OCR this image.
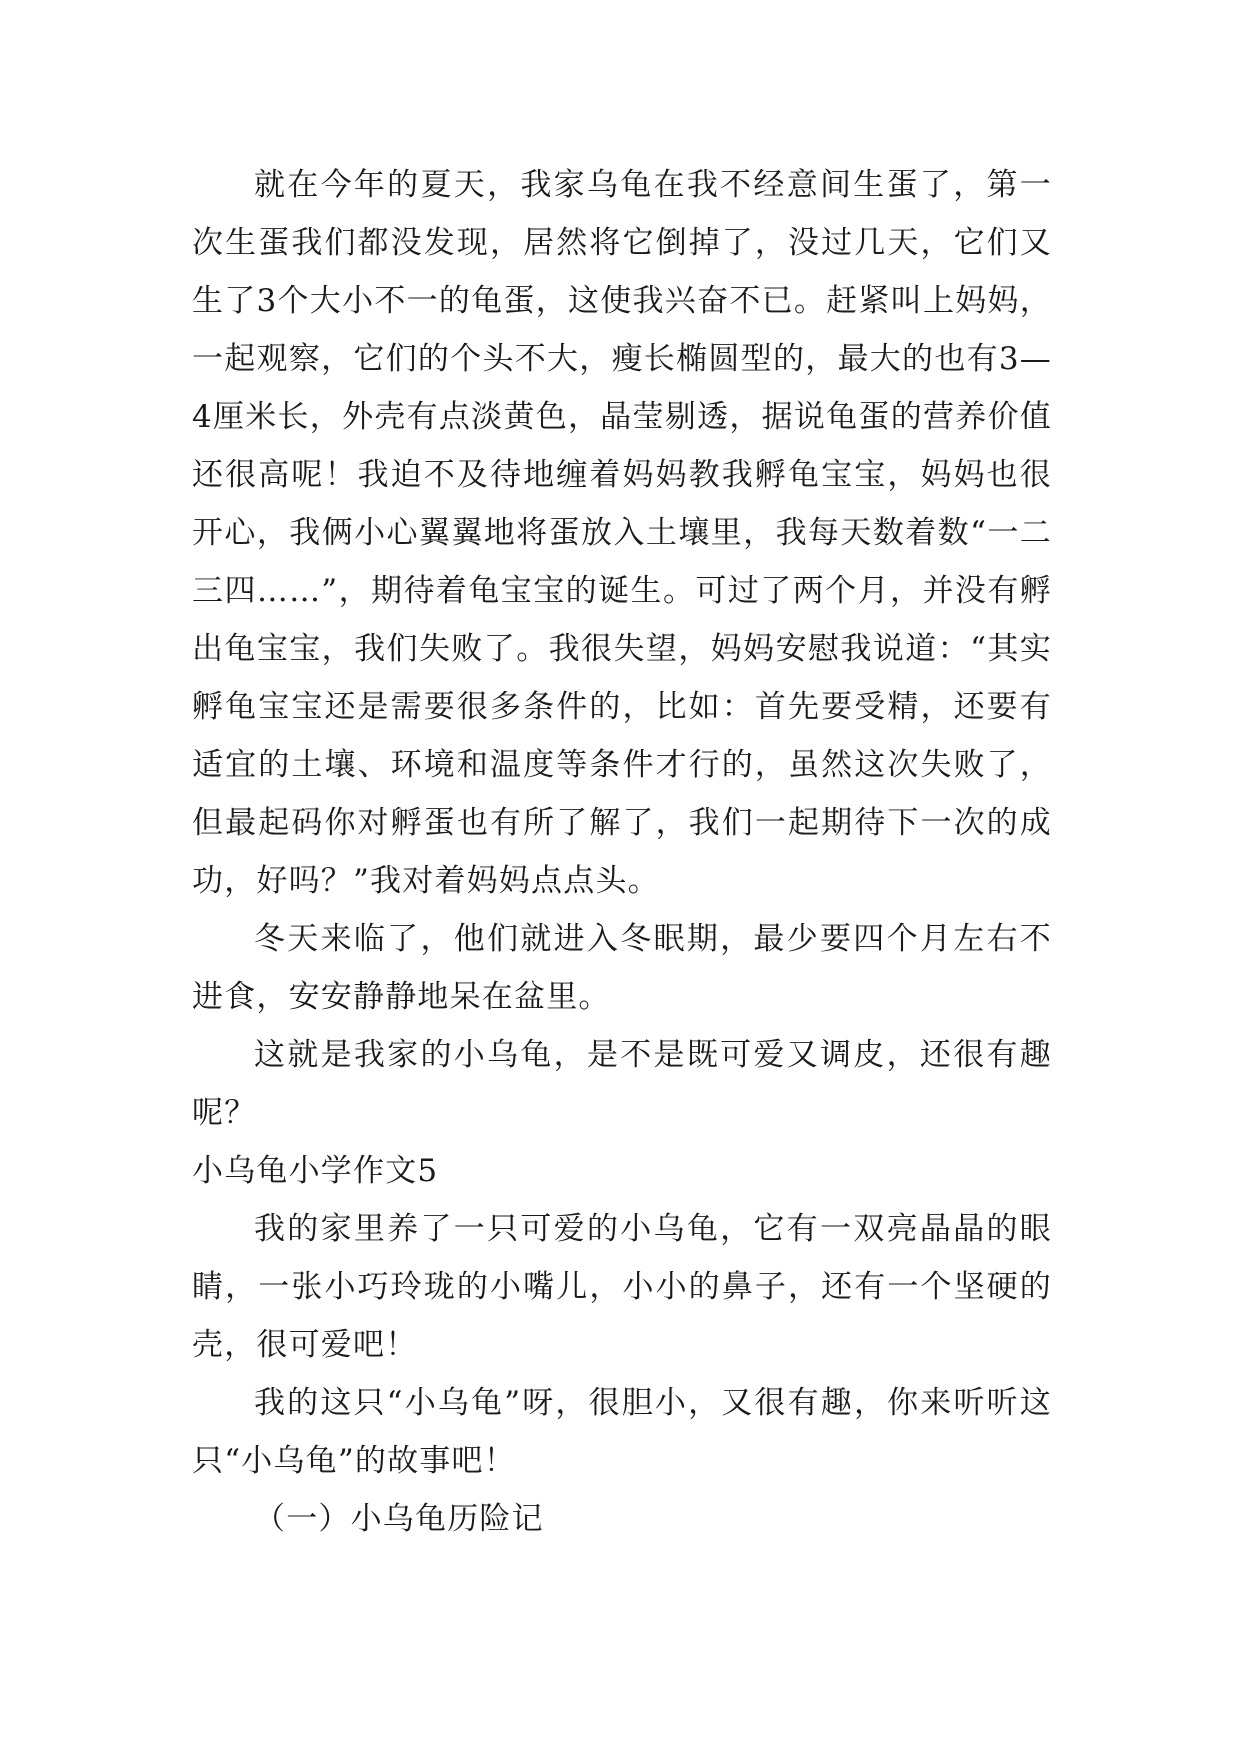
就在今年的夏天，我家乌龟在我不经意间生蛋了，第一次生蛋我们都没发现，居然将它倒掉了，没过几天，它们又生了3个大小不一的龟蛋，这使我兴奋不已。赶紧叫上妈妈，一起观察，它们的个头不大，瘦长椭圆型的，最大的也有3—4厘米长，外壳有点淡黄色，晶莹剔透，据说龟蛋的营养价值还很高呢！我迫不及待地缠着妈妈教我孵龟宝宝，妈妈也很开心，我俩小心翼翼地将蛋放入土壤里，我每天数着数“一二三四……”，期待着龟宝宝的诞生。可过了两个月，并没有孵出龟宝宝，我们失败了。我很失望，妈妈安慰我说道：“其实孵龟宝宝还是需要很多条件的，比如：首先要受精，还要有适宜的土壤、环境和温度等条件才行的，虽然这次失败了，但最起码你对孵蛋也有所了解了，我们一起期待下一次的成功，好吗？”我对着妈妈点点头。

冬天来临了，他们就进入冬眠期，最少要四个月左右不进食，安安静静地呆在盆里。

这就是我家的小乌龟，是不是既可爱又调皮，还很有趣呢？

小乌龟小学作文5

我的家里养了一只可爱的小乌龟，它有一双亮晶晶的眼睛，一张小巧玲珑的小嘴儿，小小的鼻子，还有一个坚硬的壳，很可爱吧！

我的这只“小乌龟”呀，很胆小，又很有趣，你来听听这只“小乌龟”的故事吧！

（一）小乌龟历险记
